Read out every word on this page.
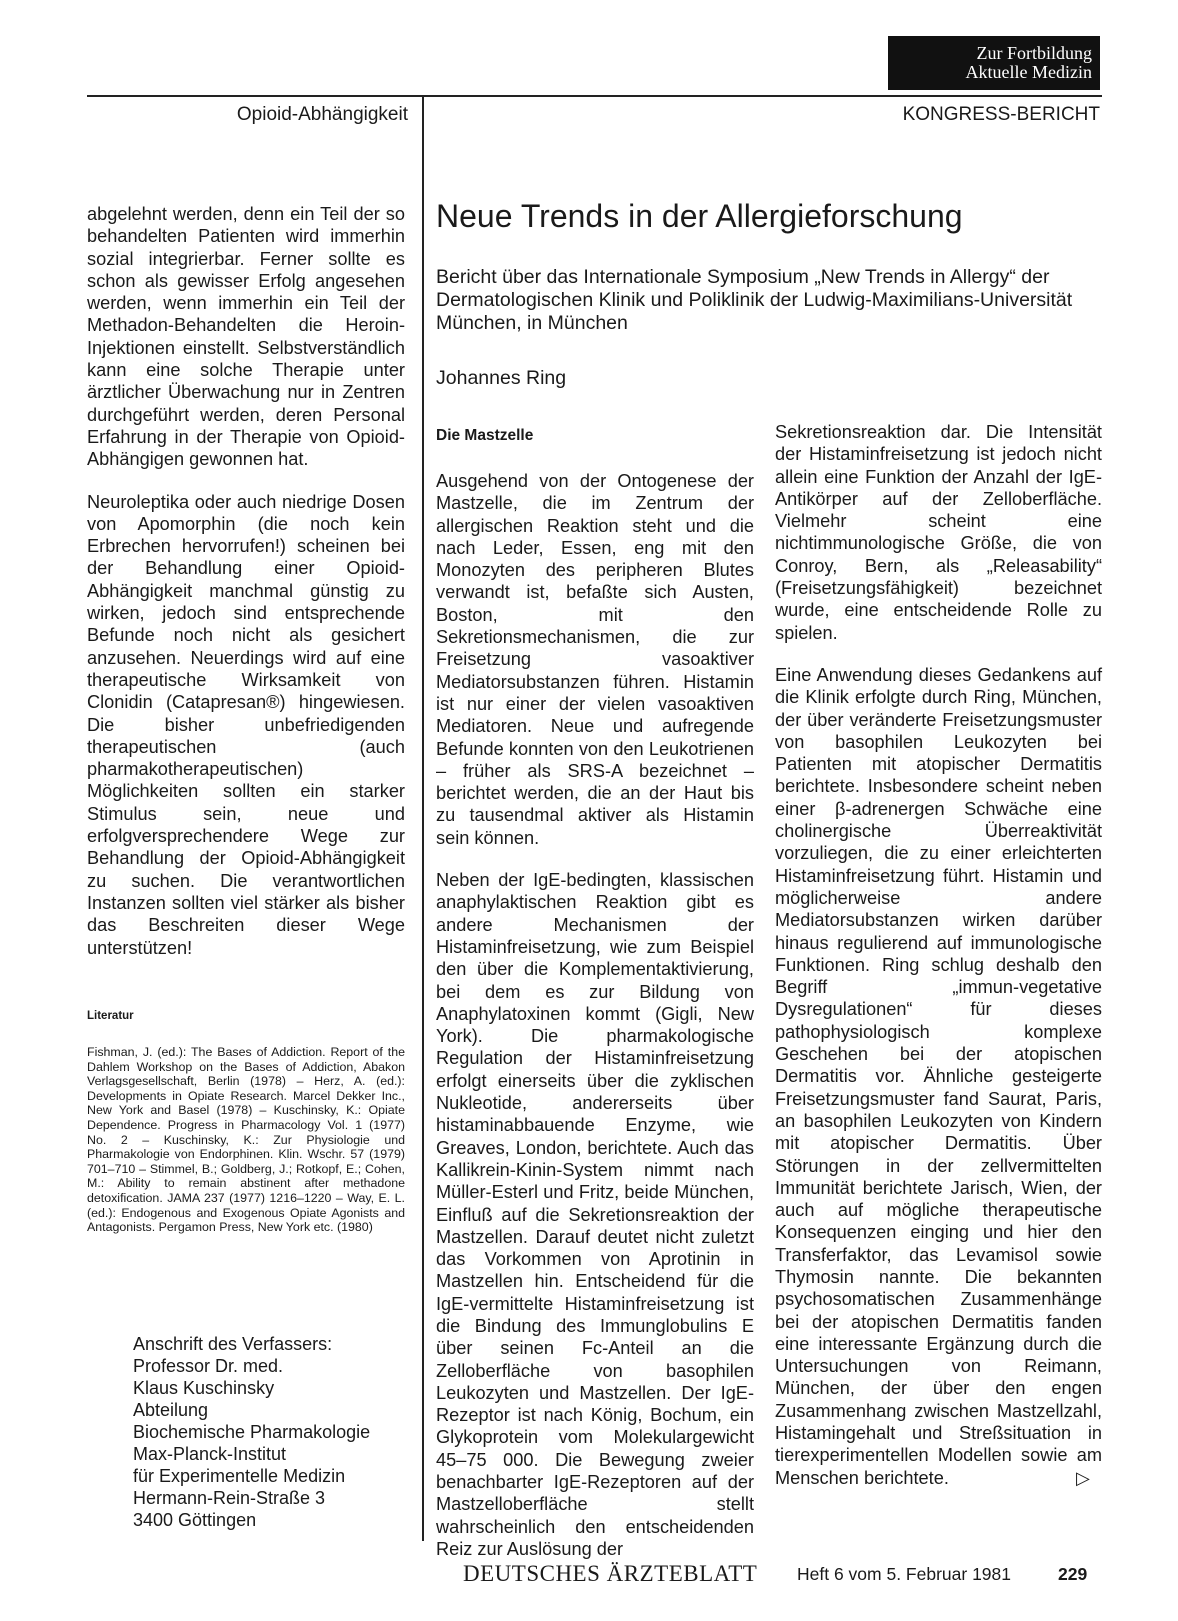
Zur Fortbildung
Aktuelle Medizin
Opioid-Abhängigkeit	KONGRESS-BERICHT

abgelehnt werden, denn ein Teil der so behandelten Patienten wird immerhin sozial integrierbar. Ferner sollte es schon als gewisser Erfolg angesehen werden, wenn immerhin ein Teil der Methadon-Behandelten die Heroin-Injektionen einstellt. Selbstverständlich kann eine solche Therapie unter ärztlicher Überwachung nur in Zentren durchgeführt werden, deren Personal Erfahrung in der Therapie von Opioid-Abhängigen gewonnen hat.

Neuroleptika oder auch niedrige Dosen von Apomorphin (die noch kein Erbrechen hervorrufen!) scheinen bei der Behandlung einer Opioid-Abhängigkeit manchmal günstig zu wirken, jedoch sind entsprechende Befunde noch nicht als gesichert anzusehen. Neuerdings wird auf eine therapeutische Wirksamkeit von Clonidin (Catapresan®) hingewiesen. Die bisher unbefriedigenden therapeutischen (auch pharmakotherapeutischen) Möglichkeiten sollten ein starker Stimulus sein, neue und erfolgversprechendere Wege zur Behandlung der Opioid-Abhängigkeit zu suchen. Die verantwortlichen Instanzen sollten viel stärker als bisher das Beschreiten dieser Wege unterstützen!

Literatur
Fishman, J. (ed.): The Bases of Addiction. Report of the Dahlem Workshop on the Bases of Addiction, Abakon Verlagsgesellschaft, Berlin (1978) – Herz, A. (ed.): Developments in Opiate Research. Marcel Dekker Inc., New York and Basel (1978) – Kuschinsky, K.: Opiate Dependence. Progress in Pharmacology Vol. 1 (1977) No. 2 – Kuschinsky, K.: Zur Physiologie und Pharmakologie von Endorphinen. Klin. Wschr. 57 (1979) 701–710 – Stimmel, B.; Goldberg, J.; Rotkopf, E.; Cohen, M.: Ability to remain abstinent after methadone detoxification. JAMA 237 (1977) 1216–1220 – Way, E. L. (ed.): Endogenous and Exogenous Opiate Agonists and Antagonists. Pergamon Press, New York etc. (1980)
Anschrift des Verfassers:
Professor Dr. med.
Klaus Kuschinsky
Abteilung
Biochemische Pharmakologie
Max-Planck-Institut
für Experimentelle Medizin
Hermann-Rein-Straße 3
3400 Göttingen
Neue Trends in der Allergieforschung
Bericht über das Internationale Symposium „New Trends in Allergy“ der Dermatologischen Klinik und Poliklinik der Ludwig-Maximilians-Universität München, in München
Johannes Ring
Die Mastzelle

Ausgehend von der Ontogenese der Mastzelle, die im Zentrum der allergischen Reaktion steht und die nach Leder, Essen, eng mit den Monozyten des peripheren Blutes verwandt ist, befaßte sich Austen, Boston, mit den Sekretionsmechanismen, die zur Freisetzung vasoaktiver Mediatorsubstanzen führen. Histamin ist nur einer der vielen vasoaktiven Mediatoren. Neue und aufregende Befunde konnten von den Leukotrienen – früher als SRS-A bezeichnet – berichtet werden, die an der Haut bis zu tausendmal aktiver als Histamin sein können.

Neben der IgE-bedingten, klassischen anaphylaktischen Reaktion gibt es andere Mechanismen der Histaminfreisetzung, wie zum Beispiel den über die Komplementaktivierung, bei dem es zur Bildung von Anaphylatoxinen kommt (Gigli, New York). Die pharmakologische Regulation der Histaminfreisetzung erfolgt einerseits über die zyklischen Nukleotide, andererseits über histaminabbauende Enzyme, wie Greaves, London, berichtete. Auch das Kallikrein-Kinin-System nimmt nach Müller-Esterl und Fritz, beide München, Einfluß auf die Sekretionsreaktion der Mastzellen. Darauf deutet nicht zuletzt das Vorkommen von Aprotinin in Mastzellen hin. Entscheidend für die IgE-vermittelte Histaminfreisetzung ist die Bindung des Immunglobulins E über seinen Fc-Anteil an die Zelloberfläche von basophilen Leukozyten und Mastzellen. Der IgE-Rezeptor ist nach König, Bochum, ein Glykoprotein vom Molekulargewicht 45–75 000. Die Bewegung zweier benachbarter IgE-Rezeptoren auf der Mastzelloberfläche stellt wahrscheinlich den entscheidenden Reiz zur Auslösung der

Sekretionsreaktion dar. Die Intensität der Histaminfreisetzung ist jedoch nicht allein eine Funktion der Anzahl der IgE-Antikörper auf der Zelloberfläche. Vielmehr scheint eine nichtimmunologische Größe, die von Conroy, Bern, als „Releasability“ (Freisetzungsfähigkeit) bezeichnet wurde, eine entscheidende Rolle zu spielen.

Eine Anwendung dieses Gedankens auf die Klinik erfolgte durch Ring, München, der über veränderte Freisetzungsmuster von basophilen Leukozyten bei Patienten mit atopischer Dermatitis berichtete. Insbesondere scheint neben einer β-adrenergen Schwäche eine cholinergische Überreaktivität vorzuliegen, die zu einer erleichterten Histaminfreisetzung führt. Histamin und möglicherweise andere Mediatorsubstanzen wirken darüber hinaus regulierend auf immunologische Funktionen. Ring schlug deshalb den Begriff „immun-vegetative Dysregulationen“ für dieses pathophysiologisch komplexe Geschehen bei der atopischen Dermatitis vor. Ähnliche gesteigerte Freisetzungsmuster fand Saurat, Paris, an basophilen Leukozyten von Kindern mit atopischer Dermatitis. Über Störungen in der zellvermittelten Immunität berichtete Jarisch, Wien, der auch auf mögliche therapeutische Konsequenzen einging und hier den Transferfaktor, das Levamisol sowie Thymosin nannte. Die bekannten psychosomatischen Zusammenhänge bei der atopischen Dermatitis fanden eine interessante Ergänzung durch die Untersuchungen von Reimann, München, der über den engen Zusammenhang zwischen Mastzellzahl, Histamingehalt und Streßsituation in tierexperimentellen Modellen sowie am Menschen berichtete.	▷

DEUTSCHES ÄRZTEBLATT Heft 6 vom 5. Februar 1981	229
